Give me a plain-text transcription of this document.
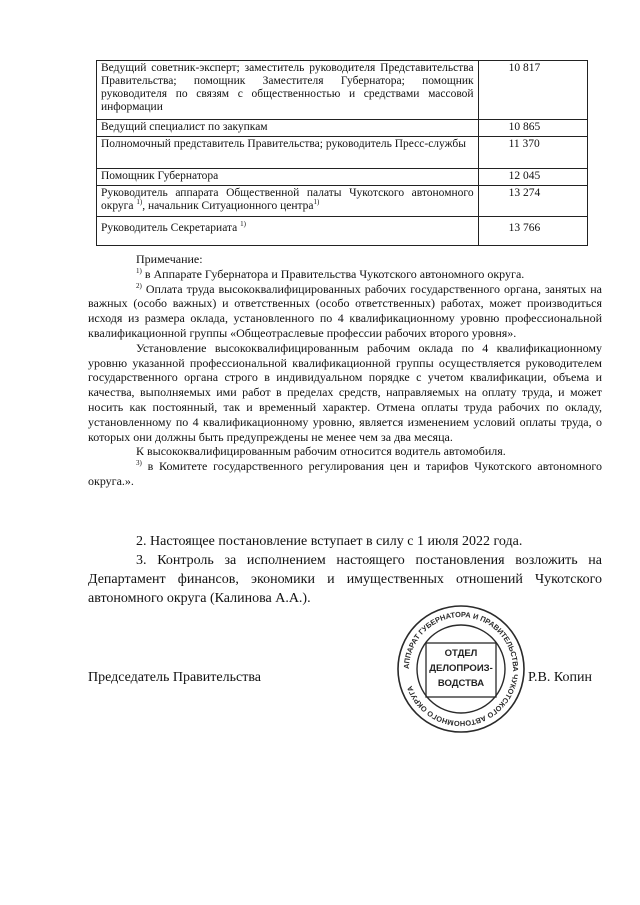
Ведущий советник-эксперт; заместитель руководителя Представительства Правительства; помощник Заместителя Губернатора; помощник руководителя по связям с общественностью и средствами массовой информации	10 817
Ведущий специалист по закупкам	10 865
Полномочный представитель Правительства; руководитель Пресс-службы	11 370
Помощник Губернатора	12 045
Руководитель аппарата Общественной палаты Чукотского автономного округа $^{1)}$, начальник Ситуационного центра$^{1)}$	13 274
Руководитель Секретариата $^{1)}$	13 766

Примечание:

$^{1)}$ в Аппарате Губернатора и Правительства Чукотского автономного округа.

$^{2)}$ Оплата труда высококвалифицированных рабочих государственного органа, занятых на важных (особо важных) и ответственных (особо ответственных) работах, может производиться исходя из размера оклада, установленного по 4 квалификационному уровню профессиональной квалификационной группы «Общеотраслевые профессии рабочих второго уровня».

Установление высококвалифицированным рабочим оклада по 4 квалификационному уровню указанной профессиональной квалификационной группы осуществляется руководителем государственного органа строго в индивидуальном порядке с учетом квалификации, объема и качества, выполняемых ими работ в пределах средств, направляемых на оплату труда, и может носить как постоянный, так и временный характер. Отмена оплаты труда рабочих по окладу, установленному по 4 квалификационному уровню, является изменением условий оплаты труда, о которых они должны быть предупреждены не менее чем за два месяца.

К высококвалифицированным рабочим относится водитель автомобиля.

$^{3)}$ в Комитете государственного регулирования цен и тарифов Чукотского автономного округа.».

2. Настоящее постановление вступает в силу с 1 июля 2022 года.

3. Контроль за исполнением настоящего постановления возложить на Департамент финансов, экономики и имущественных отношений Чукотского автономного округа (Калинова А.А.).

Председатель Правительства	Р.В. Копин
АППАРАТ ГУБЕРНАТОРА И ПРАВИТЕЛЬСТВА ЧУКОТСКОГО АВТОНОМНОГО ОКРУГА
ОТДЕЛ
ДЕЛОПРОИЗ-
ВОДСТВА
